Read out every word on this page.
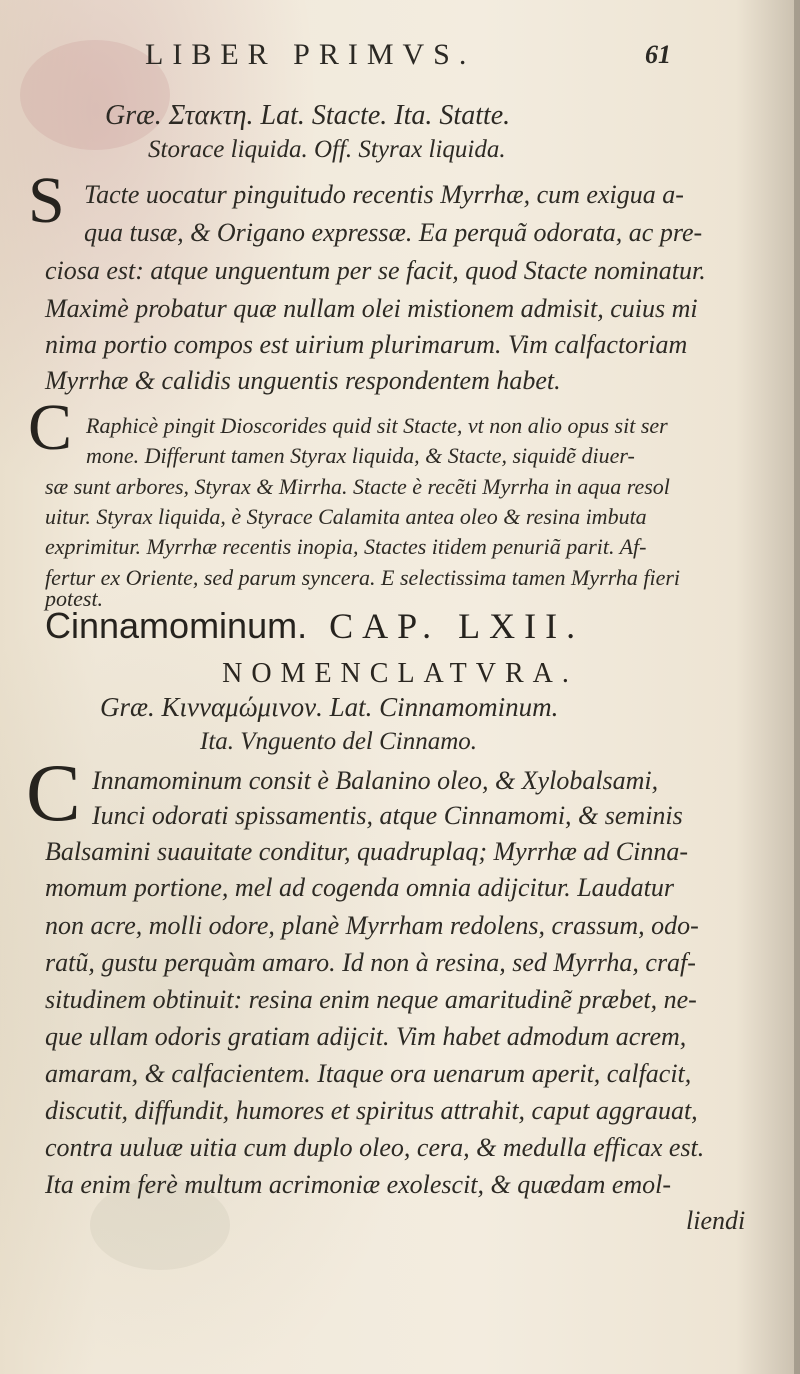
LIBER PRIMVS.	61
Græ. Στακτη. Lat. Stacte. Ita. Statte.
Storace liquida. Off. Styrax liquida.
S Tacte uocatur pinguitudo recentis Myrrhæ, cum exigua a-
qua tusæ, & Origano expressæ. Ea perquã odorata, ac pre-
ciosa est: atque unguentum per se facit, quod Stacte nominatur.
Maximè probatur quæ nullam olei mistionem admisit, cuius mi
nima portio compos est uirium plurimarum. Vim calfactoriam
Myrrhæ & calidis unguentis respondentem habet.
C Raphicè pingit Dioscorides quid sit Stacte, vt non alio opus sit ser
mone. Differunt tamen Styrax liquida, & Stacte, siquidẽ diuer-
sæ sunt arbores, Styrax & Mirrha. Stacte è recẽti Myrrha in aqua resol
uitur. Styrax liquida, è Styrace Calamita antea oleo & resina imbuta
exprimitur. Myrrhæ recentis inopia, Stactes itidem penuriã parit. Af-
fertur ex Oriente, sed parum syncera. E selectissima tamen Myrrha fieri
potest.
Cinnamominum. CAP. LXII.
NOMENCLATVRA.
Græ. Κινναμώμινον. Lat. Cinnamominum.
Ita. Vnguento del Cinnamo.
C Innamominum consit è Balanino oleo, & Xylobalsami,
Iunci odorati spissamentis, atque Cinnamomi, & seminis
Balsamini suauitate conditur, quadruplaq; Myrrhæ ad Cinna-
momum portione, mel ad cogenda omnia adijcitur. Laudatur
non acre, molli odore, planè Myrrham redolens, crassum, odo-
ratũ, gustu perquàm amaro. Id non à resina, sed Myrrha, craf-
situdinem obtinuit: resina enim neque amaritudinẽ præbet, ne-
que ullam odoris gratiam adijcit. Vim habet admodum acrem,
amaram, & calfacientem. Itaque ora uenarum aperit, calfacit,
discutit, diffundit, humores et spiritus attrahit, caput aggrauat,
contra uuluæ uitia cum duplo oleo, cera, & medulla efficax est.
Ita enim ferè multum acrimoniæ exolescit, & quædam emol-
liendi
